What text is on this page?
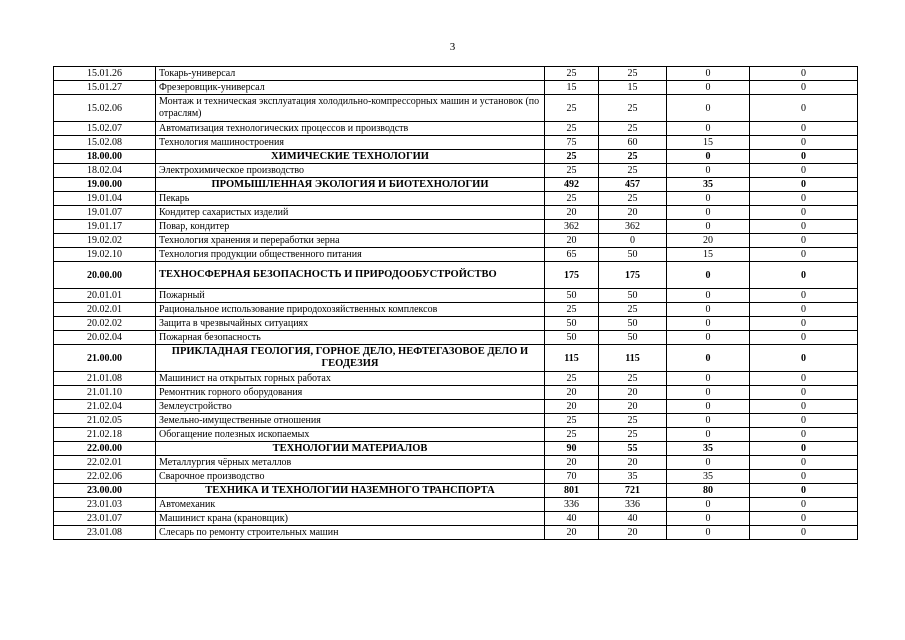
3
15.01.26	Токарь-универсал	25	25	0	0
15.01.27	Фрезеровщик-универсал	15	15	0	0
15.02.06	Монтаж и техническая эксплуатация холодильно-компрессорных машин и установок (по отраслям)	25	25	0	0
15.02.07	Автоматизация технологических процессов и производств	25	25	0	0
15.02.08	Технология машиностроения	75	60	15	0
18.00.00	ХИМИЧЕСКИЕ ТЕХНОЛОГИИ	25	25	0	0
18.02.04	Электрохимическое производство	25	25	0	0
19.00.00	ПРОМЫШЛЕННАЯ ЭКОЛОГИЯ И БИОТЕХНОЛОГИИ	492	457	35	0
19.01.04	Пекарь	25	25	0	0
19.01.07	Кондитер сахаристых изделий	20	20	0	0
19.01.17	Повар, кондитер	362	362	0	0
19.02.02	Технология хранения и переработки зерна	20	0	20	0
19.02.10	Технология продукции общественного питания	65	50	15	0
20.00.00	ТЕХНОСФЕРНАЯ БЕЗОПАСНОСТЬ И ПРИРОДООБУСТРОЙСТВО	175	175	0	0
20.01.01	Пожарный	50	50	0	0
20.02.01	Рациональное использование природохозяйственных комплексов	25	25	0	0
20.02.02	Защита в чрезвычайных ситуациях	50	50	0	0
20.02.04	Пожарная безопасность	50	50	0	0
21.00.00	ПРИКЛАДНАЯ ГЕОЛОГИЯ, ГОРНОЕ ДЕЛО, НЕФТЕГАЗОВОЕ ДЕЛО И ГЕОДЕЗИЯ	115	115	0	0
21.01.08	Машинист на открытых горных работах	25	25	0	0
21.01.10	Ремонтник горного оборудования	20	20	0	0
21.02.04	Землеустройство	20	20	0	0
21.02.05	Земельно-имущественные отношения	25	25	0	0
21.02.18	Обогащение полезных ископаемых	25	25	0	0
22.00.00	ТЕХНОЛОГИИ МАТЕРИАЛОВ	90	55	35	0
22.02.01	Металлургия чёрных металлов	20	20	0	0
22.02.06	Сварочное производство	70	35	35	0
23.00.00	ТЕХНИКА И ТЕХНОЛОГИИ НАЗЕМНОГО ТРАНСПОРТА	801	721	80	0
23.01.03	Автомеханик	336	336	0	0
23.01.07	Машинист крана (крановщик)	40	40	0	0
23.01.08	Слесарь по ремонту строительных машин	20	20	0	0
